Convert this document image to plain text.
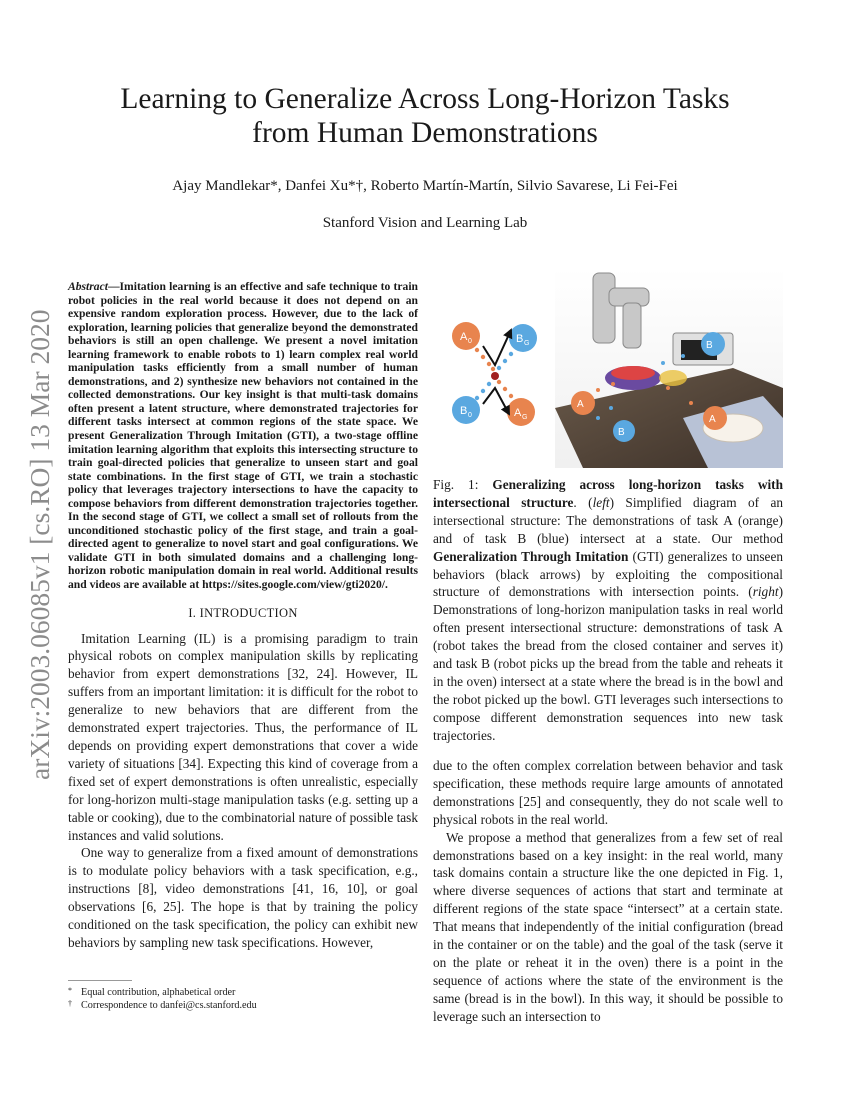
arXiv:2003.06085v1 [cs.RO] 13 Mar 2020
Learning to Generalize Across Long-Horizon Tasks
from Human Demonstrations
Ajay Mandlekar*, Danfei Xu*†, Roberto Martín-Martín, Silvio Savarese, Li Fei-Fei
Stanford Vision and Learning Lab

Abstract—Imitation learning is an effective and safe technique to train robot policies in the real world because it does not depend on an expensive random exploration process. However, due to the lack of exploration, learning policies that generalize beyond the demonstrated behaviors is still an open challenge. We present a novel imitation learning framework to enable robots to 1) learn complex real world manipulation tasks efficiently from a small number of human demonstrations, and 2) synthesize new behaviors not contained in the collected demonstrations. Our key insight is that multi-task domains often present a latent structure, where demonstrated trajectories for different tasks intersect at common regions of the state space. We present Generalization Through Imitation (GTI), a two-stage offline imitation learning algorithm that exploits this intersecting structure to train goal-directed policies that generalize to unseen start and goal state combinations. In the first stage of GTI, we train a stochastic policy that leverages trajectory intersections to have the capacity to compose behaviors from different demonstration trajectories together. In the second stage of GTI, we collect a small set of rollouts from the unconditioned stochastic policy of the first stage, and train a goal-directed agent to generalize to novel start and goal configurations. We validate GTI in both simulated domains and a challenging long-horizon robotic manipulation domain in real world. Additional results and videos are available at https://sites.google.com/view/gti2020/.

I. INTRODUCTION

Imitation Learning (IL) is a promising paradigm to train physical robots on complex manipulation skills by replicating behavior from expert demonstrations [32, 24]. However, IL suffers from an important limitation: it is difficult for the robot to generalize to new behaviors that are different from the demonstrated expert trajectories. Thus, the performance of IL depends on providing expert demonstrations that cover a wide variety of situations [34]. Expecting this kind of coverage from a fixed set of expert demonstrations is often unrealistic, especially for long-horizon multi-stage manipulation tasks (e.g. setting up a table or cooking), due to the combinatorial nature of possible task instances and valid solutions.

One way to generalize from a fixed amount of demonstrations is to modulate policy behaviors with a task specification, e.g., instructions [8], video demonstrations [41, 16, 10], or goal observations [6, 25]. The hope is that by training the policy conditioned on the task specification, the policy can exhibit new behaviors by sampling new task specifications. However,

* Equal contribution, alphabetical order
† Correspondence to danfei@cs.stanford.edu
A 0	B G
B 0	A G
A
B
B
A

Fig. 1: Generalizing across long-horizon tasks with intersectional structure. (left) Simplified diagram of an intersectional structure: The demonstrations of task A (orange) and of task B (blue) intersect at a state. Our method Generalization Through Imitation (GTI) generalizes to unseen behaviors (black arrows) by exploiting the compositional structure of demonstrations with intersection points. (right) Demonstrations of long-horizon manipulation tasks in real world often present intersectional structure: demonstrations of task A (robot takes the bread from the closed container and serves it) and task B (robot picks up the bread from the table and reheats it in the oven) intersect at a state where the bread is in the bowl and the robot picked up the bowl. GTI leverages such intersections to compose different demonstration sequences into new task trajectories.

due to the often complex correlation between behavior and task specification, these methods require large amounts of annotated demonstrations [25] and consequently, they do not scale well to physical robots in the real world.

We propose a method that generalizes from a few set of real demonstrations based on a key insight: in the real world, many task domains contain a structure like the one depicted in Fig. 1, where diverse sequences of actions that start and terminate at different regions of the state space “intersect” at a certain state. That means that independently of the initial configuration (bread in the container or on the table) and the goal of the task (serve it on the plate or reheat it in the oven) there is a point in the sequence of actions where the state of the environment is the same (bread is in the bowl). In this way, it should be possible to leverage such an intersection to
